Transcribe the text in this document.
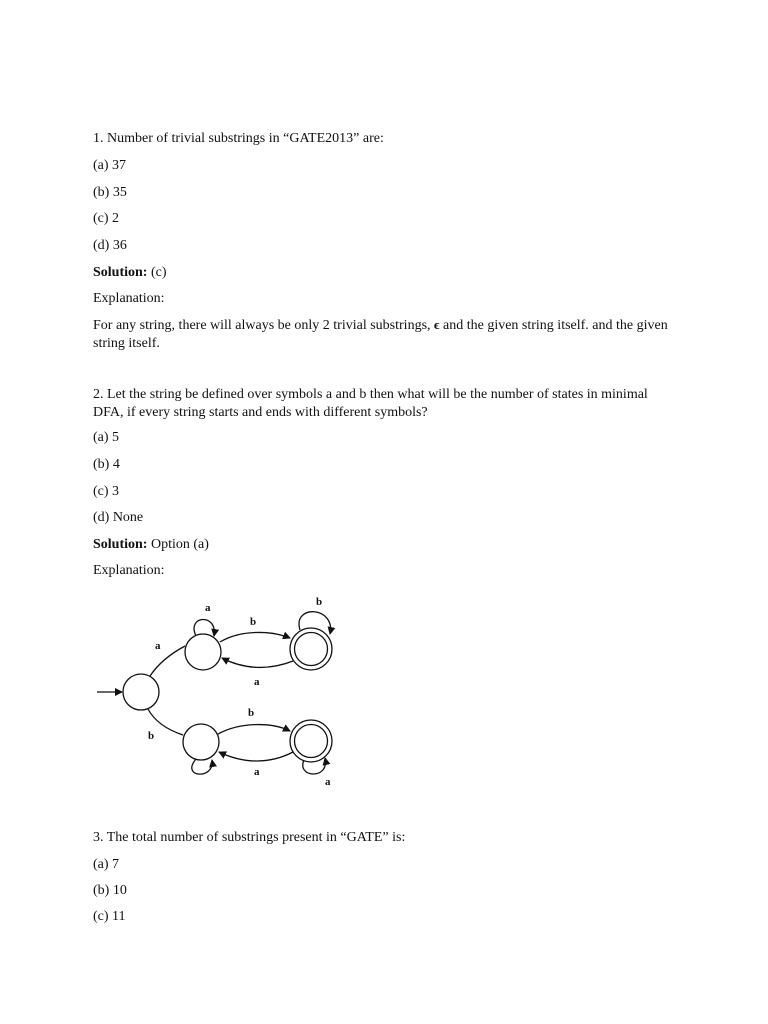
1. Number of trivial substrings in “GATE2013” are:
(a) 37
(b) 35
(c) 2
(d) 36
Solution: (c)
Explanation:
For any string, there will always be only 2 trivial substrings, ϵ and the given string itself. and the given string itself.
2. Let the string be defined over symbols a and b then what will be the number of states in minimal DFA, if every string starts and ends with different symbols?
(a) 5
(b) 4
(c) 3
(d) None
Solution: Option (a)
Explanation:
a
a
b
a
b
b
b
a
a
3. The total number of substrings present in “GATE” is:
(a) 7
(b) 10
(c) 11
